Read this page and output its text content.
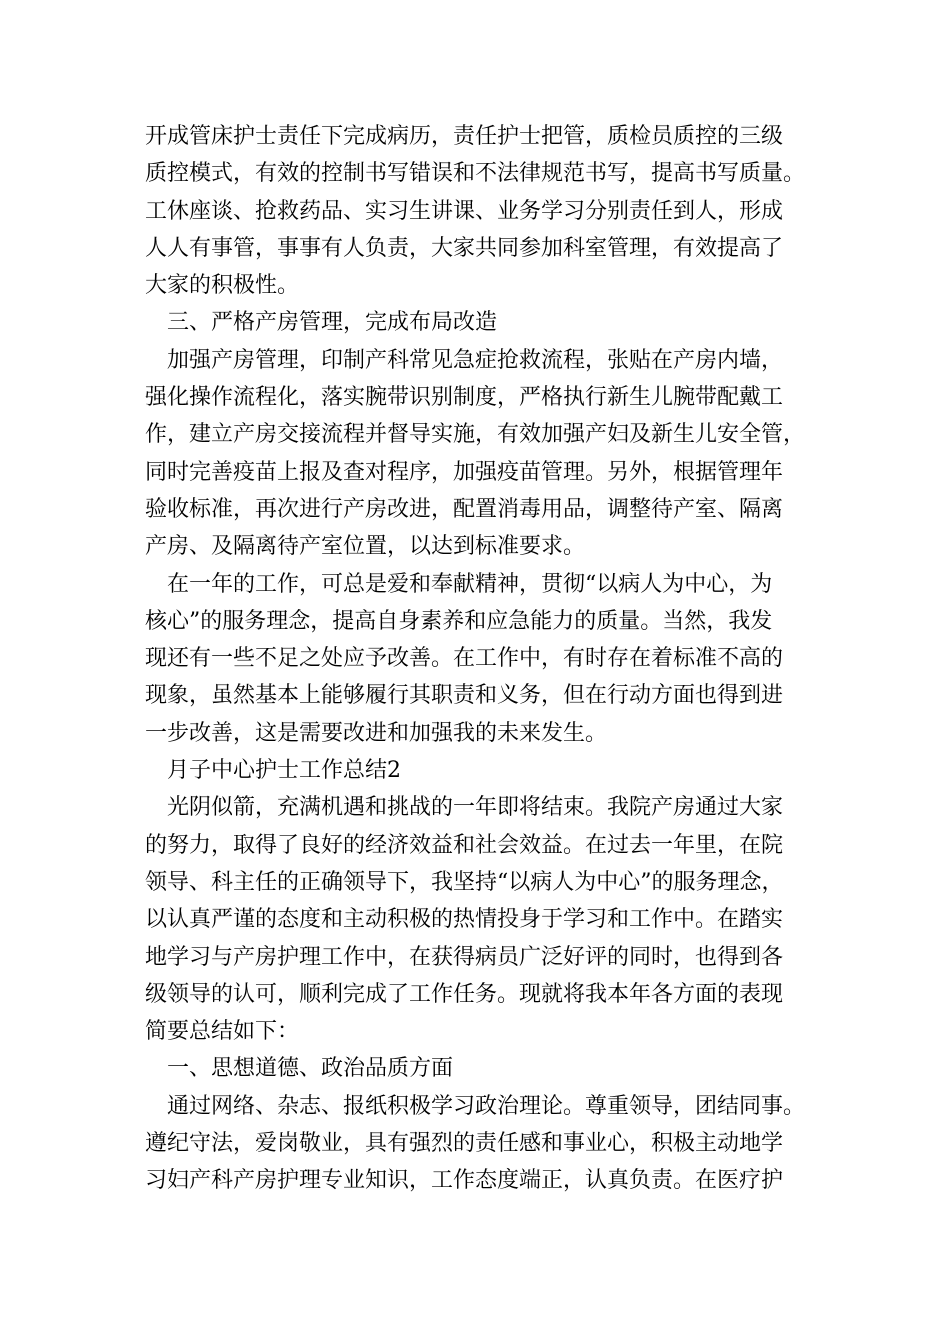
开成管床护士责任下完成病历，责任护士把管，质检员质控的三级
质控模式，有效的控制书写错误和不法律规范书写，提高书写质量。
工休座谈、抢救药品、实习生讲课、业务学习分别责任到人，形成
人人有事管，事事有人负责，大家共同参加科室管理，有效提高了
大家的积极性。
三、严格产房管理，完成布局改造
加强产房管理，印制产科常见急症抢救流程，张贴在产房内墙，
强化操作流程化，落实腕带识别制度，严格执行新生儿腕带配戴工
作，建立产房交接流程并督导实施，有效加强产妇及新生儿安全管，
同时完善疫苗上报及查对程序，加强疫苗管理。另外，根据管理年
验收标准，再次进行产房改进，配置消毒用品，调整待产室、隔离
产房、及隔离待产室位置，以达到标准要求。
在一年的工作，可总是爱和奉献精神，贯彻“以病人为中心，为
核心”的服务理念，提高自身素养和应急能力的质量。当然，我发
现还有一些不足之处应予改善。在工作中，有时存在着标准不高的
现象，虽然基本上能够履行其职责和义务，但在行动方面也得到进
一步改善，这是需要改进和加强我的未来发生。
月子中心护士工作总结2
光阴似箭，充满机遇和挑战的一年即将结束。我院产房通过大家
的努力，取得了良好的经济效益和社会效益。在过去一年里，在院
领导、科主任的正确领导下，我坚持“以病人为中心”的服务理念，
以认真严谨的态度和主动积极的热情投身于学习和工作中。在踏实
地学习与产房护理工作中，在获得病员广泛好评的同时，也得到各
级领导的认可，顺利完成了工作任务。现就将我本年各方面的表现
简要总结如下：
一、思想道德、政治品质方面
通过网络、杂志、报纸积极学习政治理论。尊重领导，团结同事。
遵纪守法，爱岗敬业，具有强烈的责任感和事业心，积极主动地学
习妇产科产房护理专业知识，工作态度端正，认真负责。在医疗护
